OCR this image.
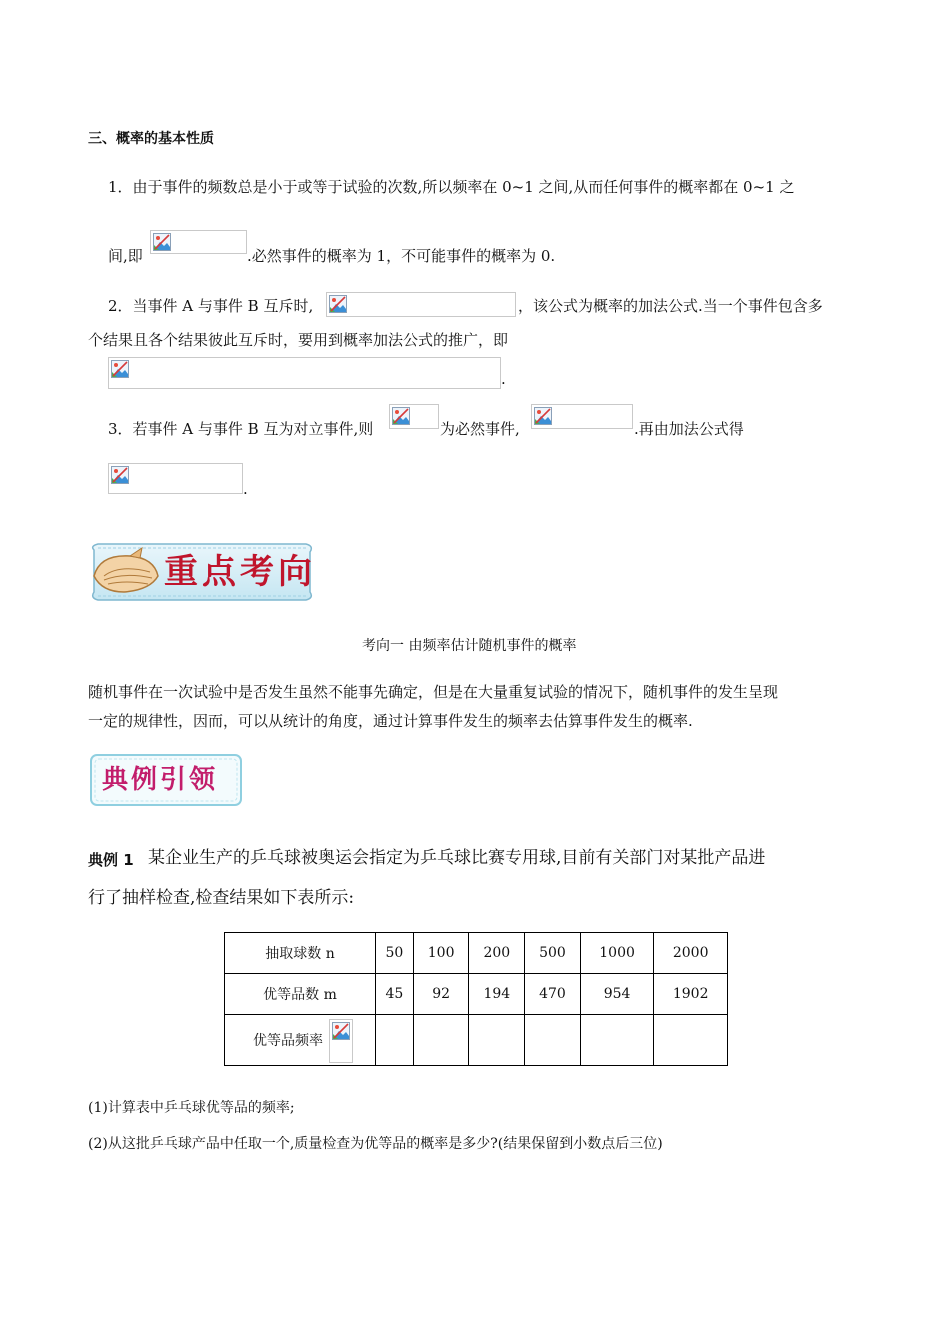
三、概率的基本性质
1．由于事件的频数总是小于或等于试验的次数,所以频率在 0~1 之间,从而任何事件的概率都在 0~1 之
间,即	.必然事件的概率为 1，不可能事件的概率为 0.
2．当事件 A 与事件 B 互斥时,	，该公式为概率的加法公式.当一个事件包含多
个结果且各个结果彼此互斥时，要用到概率加法公式的推广，即
.
3．若事件 A 与事件 B 互为对立事件,则	为必然事件,	.再由加法公式得
.
重点考向
考向一 由频率估计随机事件的概率
随机事件在一次试验中是否发生虽然不能事先确定，但是在大量重复试验的情况下，随机事件的发生呈现
一定的规律性，因而，可以从统计的角度，通过计算事件发生的频率去估算事件发生的概率.
典例引领
典例 1 某企业生产的乒乓球被奥运会指定为乒乓球比赛专用球,目前有关部门对某批产品进
行了抽样检查,检查结果如下表所示:
抽取球数 n	50	100	200	500	1000	2000
优等品数 m	45	92	194	470	954	1902
优等品频率

(1)计算表中乒乓球优等品的频率;
(2)从这批乒乓球产品中任取一个,质量检查为优等品的概率是多少?(结果保留到小数点后三位)
